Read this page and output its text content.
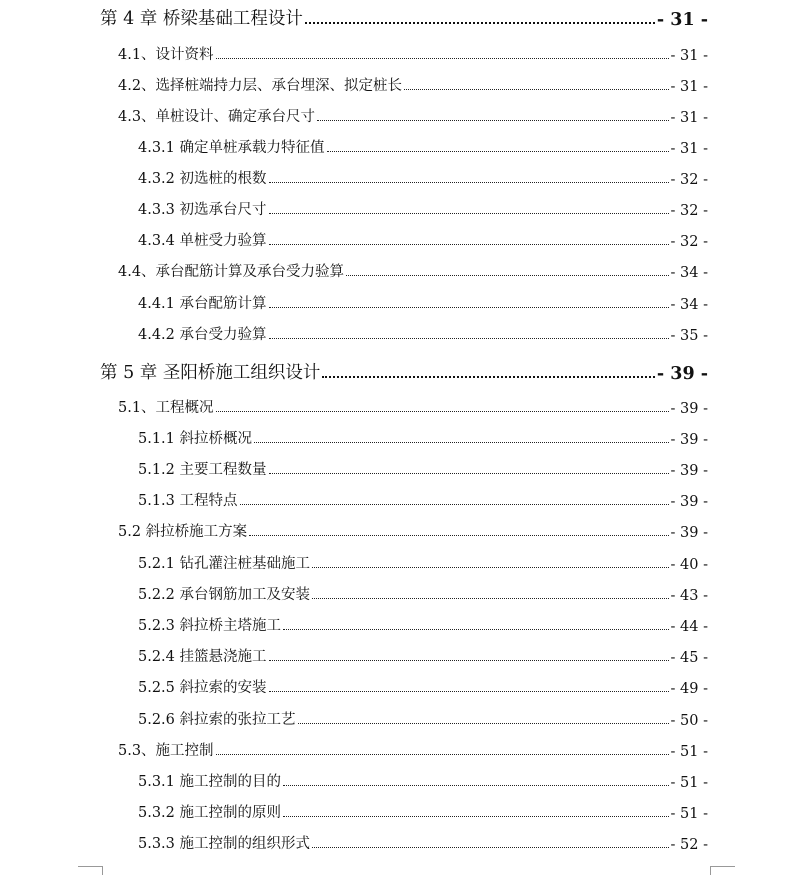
第 4 章 桥梁基础工程设计	- 31 -
4.1、设计资料	- 31 -
4.2、选择桩端持力层、承台埋深、拟定桩长	- 31 -
4.3、单桩设计、确定承台尺寸	- 31 -
4.3.1 确定单桩承载力特征值	- 31 -
4.3.2 初选桩的根数	- 32 -
4.3.3 初选承台尺寸	- 32 -
4.3.4 单桩受力验算	- 32 -
4.4、承台配筋计算及承台受力验算	- 34 -
4.4.1 承台配筋计算	- 34 -
4.4.2 承台受力验算	- 35 -
第 5 章 圣阳桥施工组织设计	- 39 -
5.1、工程概况	- 39 -
5.1.1 斜拉桥概况	- 39 -
5.1.2 主要工程数量	- 39 -
5.1.3 工程特点	- 39 -
5.2 斜拉桥施工方案	- 39 -
5.2.1 钻孔灌注桩基础施工	- 40 -
5.2.2 承台钢筋加工及安装	- 43 -
5.2.3 斜拉桥主塔施工	- 44 -
5.2.4 挂篮悬浇施工	- 45 -
5.2.5 斜拉索的安装	- 49 -
5.2.6 斜拉索的张拉工艺	- 50 -
5.3、施工控制	- 51 -
5.3.1 施工控制的目的	- 51 -
5.3.2 施工控制的原则	- 51 -
5.3.3 施工控制的组织形式	- 52 -
